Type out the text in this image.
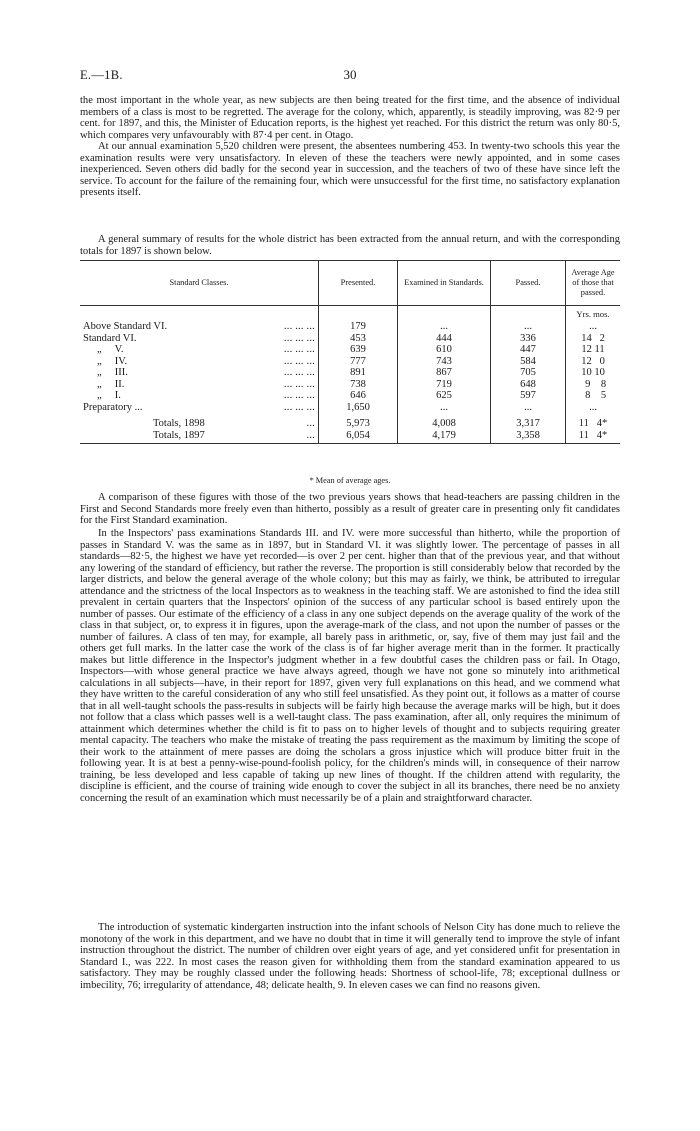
E.—1B.	30

the most important in the whole year, as new subjects are then being treated for the first time, and the absence of individual members of a class is most to be regretted. The average for the colony, which, apparently, is steadily improving, was 82·9 per cent. for 1897, and this, the Minister of Education reports, is the highest yet reached. For this district the return was only 80·5, which compares very unfavourably with 87·4 per cent. in Otago.

At our annual examination 5,520 children were present, the absentees numbering 453. In twenty-two schools this year the examination results were very unsatisfactory. In eleven of these the teachers were newly appointed, and in some cases inexperienced. Seven others did badly for the second year in succession, and the teachers of two of these have since left the service. To account for the failure of the remaining four, which were unsuccessful for the first time, no satisfactory explanation presents itself.

A general summary of results for the whole district has been extracted from the annual return, and with the corresponding totals for 1897 is shown below.

Standard Classes.	Presented.	Examined in Standards.	Passed.	Average Age of those that passed.
				Yrs. mos.
Above Standard VI. ... ... ...	179	...	...	...
Standard VI. ... ... ...	453	444	336	14 2
„     V. ... ... ...	639	610	447	12 11
„     IV. ... ... ...	777	743	584	12 0
„     III. ... ... ...	891	867	705	10 10
„     II. ... ... ...	738	719	648	9 8
„     I. ... ... ...	646	625	597	8 5
Preparatory ... ... ... ...	1,650	...	...	...

Totals, 1898 ...	5,973	4,008	3,317	11 4*
Totals, 1897 ...	6,054	4,179	3,358	11 4*
* Mean of average ages.

A comparison of these figures with those of the two previous years shows that head-teachers are passing children in the First and Second Standards more freely even than hitherto, possibly as a result of greater care in presenting only fit candidates for the First Standard examination.

In the Inspectors' pass examinations Standards III. and IV. were more successful than hitherto, while the proportion of passes in Standard V. was the same as in 1897, but in Standard VI. it was slightly lower. The percentage of passes in all standards—82·5, the highest we have yet recorded—is over 2 per cent. higher than that of the previous year, and that without any lowering of the standard of efficiency, but rather the reverse. The proportion is still considerably below that recorded by the larger districts, and below the general average of the whole colony; but this may as fairly, we think, be attributed to irregular attendance and the strictness of the local Inspectors as to weakness in the teaching staff. We are astonished to find the idea still prevalent in certain quarters that the Inspectors' opinion of the success of any particular school is based entirely upon the number of passes. Our estimate of the efficiency of a class in any one subject depends on the average quality of the work of the class in that subject, or, to express it in figures, upon the average-mark of the class, and not upon the number of passes or the number of failures. A class of ten may, for example, all barely pass in arithmetic, or, say, five of them may just fail and the others get full marks. In the latter case the work of the class is of far higher average merit than in the former. It practically makes but little difference in the Inspector's judgment whether in a few doubtful cases the children pass or fail. In Otago, Inspectors—with whose general practice we have always agreed, though we have not gone so minutely into arithmetical calculations in all subjects—have, in their report for 1897, given very full explanations on this head, and we commend what they have written to the careful consideration of any who still feel unsatisfied. As they point out, it follows as a matter of course that in all well-taught schools the pass-results in subjects will be fairly high because the average marks will be high, but it does not follow that a class which passes well is a well-taught class. The pass examination, after all, only requires the minimum of attainment which determines whether the child is fit to pass on to higher levels of thought and to subjects requiring greater mental capacity. The teachers who make the mistake of treating the pass requirement as the maximum by limiting the scope of their work to the attainment of mere passes are doing the scholars a gross injustice which will produce bitter fruit in the following year. It is at best a penny-wise-pound-foolish policy, for the children's minds will, in consequence of their narrow training, be less developed and less capable of taking up new lines of thought. If the children attend with regularity, the discipline is efficient, and the course of training wide enough to cover the subject in all its branches, there need be no anxiety concerning the result of an examination which must necessarily be of a plain and straightforward character.

The introduction of systematic kindergarten instruction into the infant schools of Nelson City has done much to relieve the monotony of the work in this department, and we have no doubt that in time it will generally tend to improve the style of infant instruction throughout the district. The number of children over eight years of age, and yet considered unfit for presentation in Standard I., was 222. In most cases the reason given for withholding them from the standard examination appeared to us satisfactory. They may be roughly classed under the following heads: Shortness of school-life, 78; exceptional dullness or imbecility, 76; irregularity of attendance, 48; delicate health, 9. In eleven cases we can find no reasons given.
